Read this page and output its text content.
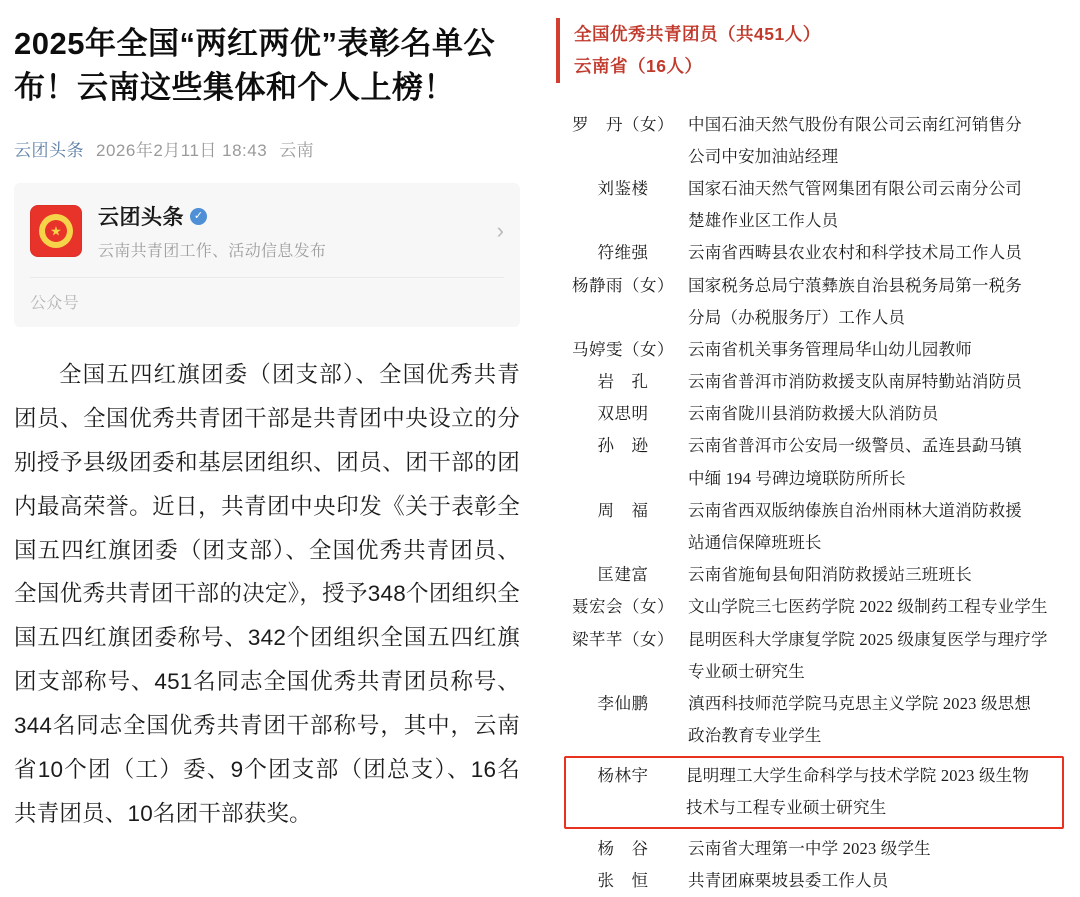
2025年全国“两红两优”表彰名单公布！云南这些集体和个人上榜！
云团头条 2026年2月11日 18:43 云南
★
云团头条 ✓
云南共青团工作、活动信息发布
›
公众号

全国五四红旗团委（团支部）、全国优秀共青团员、全国优秀共青团干部是共青团中央设立的分别授予县级团委和基层团组织、团员、团干部的团内最高荣誉。近日，共青团中央印发《关于表彰全国五四红旗团委（团支部）、全国优秀共青团员、全国优秀共青团干部的决定》，授予348个团组织全国五四红旗团委称号、342个团组织全国五四红旗团支部称号、451名同志全国优秀共青团员称号、344名同志全国优秀共青团干部称号，其中，云南省10个团（工）委、9个团支部（团总支）、16名共青团员、10名团干部获奖。

全国优秀共青团员（共451人）
云南省（16人）
罗　丹（女） 中国石油天然气股份有限公司云南红河销售分
公司中安加油站经理
刘鉴楼	国家石油天然气管网集团有限公司云南分公司
楚雄作业区工作人员
符维强	云南省西畴县农业农村和科学技术局工作人员
杨静雨（女） 国家税务总局宁蒗彝族自治县税务局第一税务
分局（办税服务厅）工作人员
马婷雯（女） 云南省机关事务管理局华山幼儿园教师
岩　孔	云南省普洱市消防救援支队南屏特勤站消防员
双思明	云南省陇川县消防救援大队消防员
孙　逊	云南省普洱市公安局一级警员、孟连县勐马镇
中缅 194 号碑边境联防所所长
周　福	云南省西双版纳傣族自治州雨林大道消防救援
站通信保障班班长
匡建富	云南省施甸县甸阳消防救援站三班班长
聂宏会（女） 文山学院三七医药学院 2022 级制药工程专业学生
梁芊芊（女） 昆明医科大学康复学院 2025 级康复医学与理疗学
专业硕士研究生
李仙鹏	滇西科技师范学院马克思主义学院 2023 级思想
政治教育专业学生
杨林宇	昆明理工大学生命科学与技术学院 2023 级生物
技术与工程专业硕士研究生
杨　谷	云南省大理第一中学 2023 级学生
张　恒	共青团麻栗坡县委工作人员
